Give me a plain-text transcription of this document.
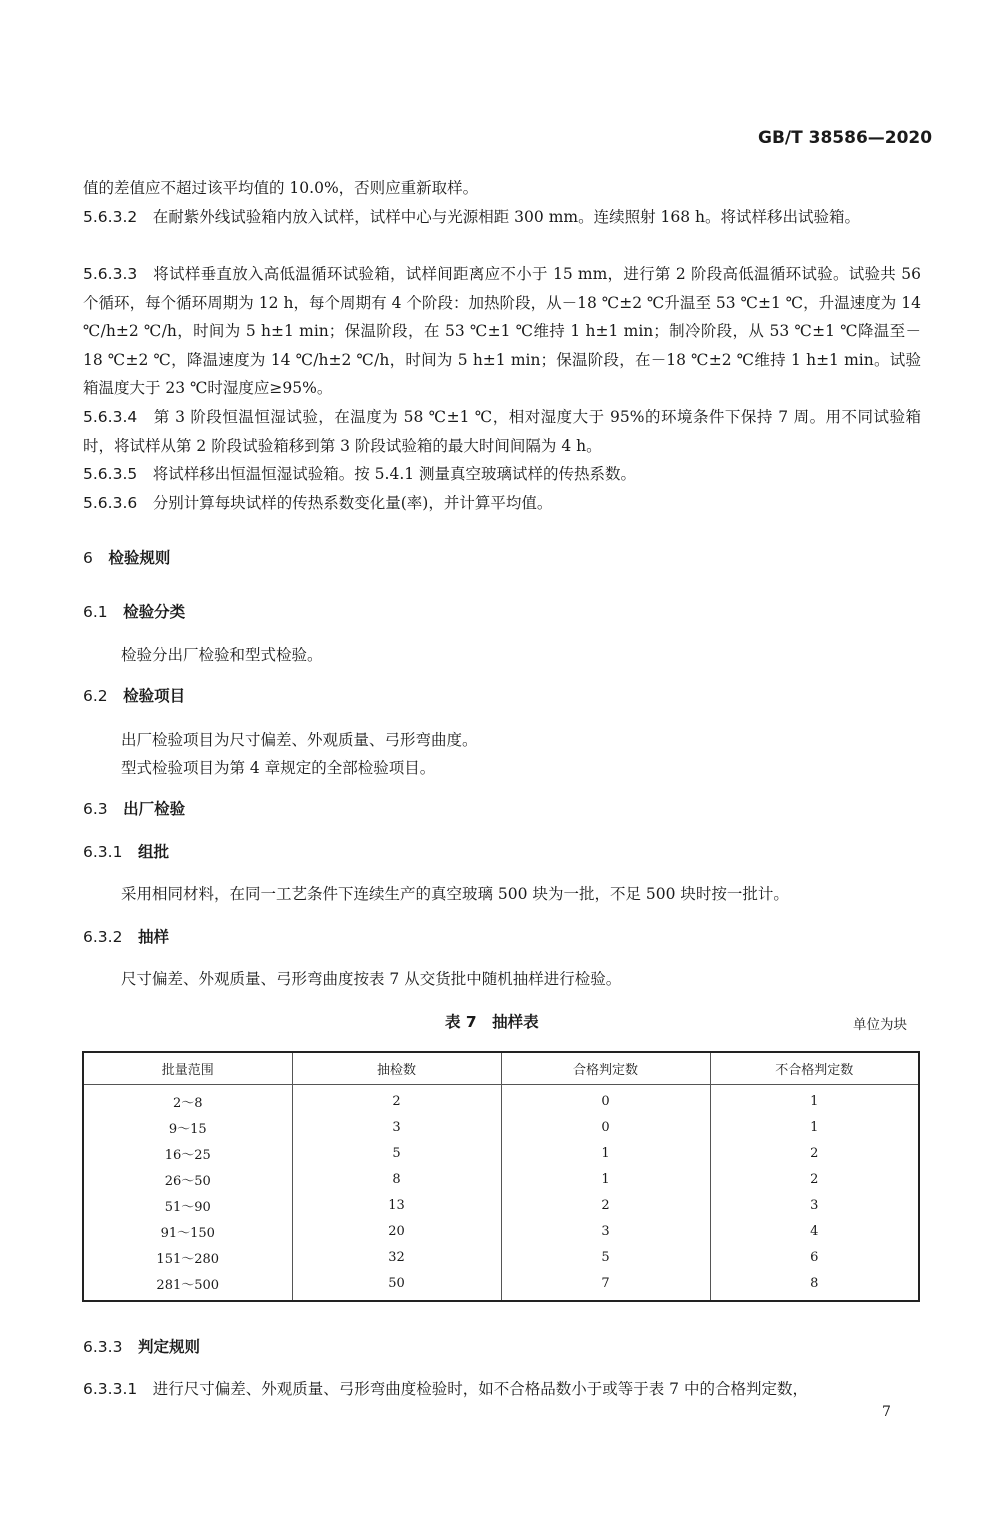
GB/T 38586—2020
值的差值应不超过该平均值的 10.0%，否则应重新取样。
5.6.3.2　 在耐紫外线试验箱内放入试样，试样中心与光源相距 300 mm。连续照射 168 h。将试样移出试验箱。
5.6.3.3　 将试样垂直放入高低温循环试验箱，试样间距离应不小于 15 mm，进行第 2 阶段高低温循环试验。试验共 56 个循环，每个循环周期为 12 h，每个周期有 4 个阶段：加热阶段，从－18 ℃±2 ℃升温至 53 ℃±1 ℃，升温速度为 14 ℃/h±2 ℃/h，时间为 5 h±1 min；保温阶段，在 53 ℃±1 ℃维持 1 h±1 min；制冷阶段，从 53 ℃±1 ℃降温至－18 ℃±2 ℃，降温速度为 14 ℃/h±2 ℃/h，时间为 5 h±1 min；保温阶段，在－18 ℃±2 ℃维持 1 h±1 min。试验箱温度大于 23 ℃时湿度应≥95%。
5.6.3.4　 第 3 阶段恒温恒湿试验，在温度为 58 ℃±1 ℃，相对湿度大于 95%的环境条件下保持 7 周。用不同试验箱时，将试样从第 2 阶段试验箱移到第 3 阶段试验箱的最大时间间隔为 4 h。
5.6.3.5　 将试样移出恒温恒湿试验箱。按 5.4.1 测量真空玻璃试样的传热系数。
5.6.3.6　 分别计算每块试样的传热系数变化量(率)，并计算平均值。
6　 检验规则
6.1　 检验分类
检验分出厂检验和型式检验。
6.2　 检验项目
出厂检验项目为尺寸偏差、外观质量、弓形弯曲度。
型式检验项目为第 4 章规定的全部检验项目。
6.3　 出厂检验
6.3.1　 组批
采用相同材料，在同一工艺条件下连续生产的真空玻璃 500 块为一批，不足 500 块时按一批计。
6.3.2　 抽样
尺寸偏差、外观质量、弓形弯曲度按表 7 从交货批中随机抽样进行检验。
表 7　抽样表	单位为块
批量范围	抽检数	合格判定数	不合格判定数
2～8	2	0	1
9～15	3	0	1
16～25	5	1	2
26～50	8	1	2
51～90	13	2	3
91～150	20	3	4
151～280	32	5	6
281～500	50	7	8
6.3.3　 判定规则
6.3.3.1　 进行尺寸偏差、外观质量、弓形弯曲度检验时，如不合格品数小于或等于表 7 中的合格判定数，
7
